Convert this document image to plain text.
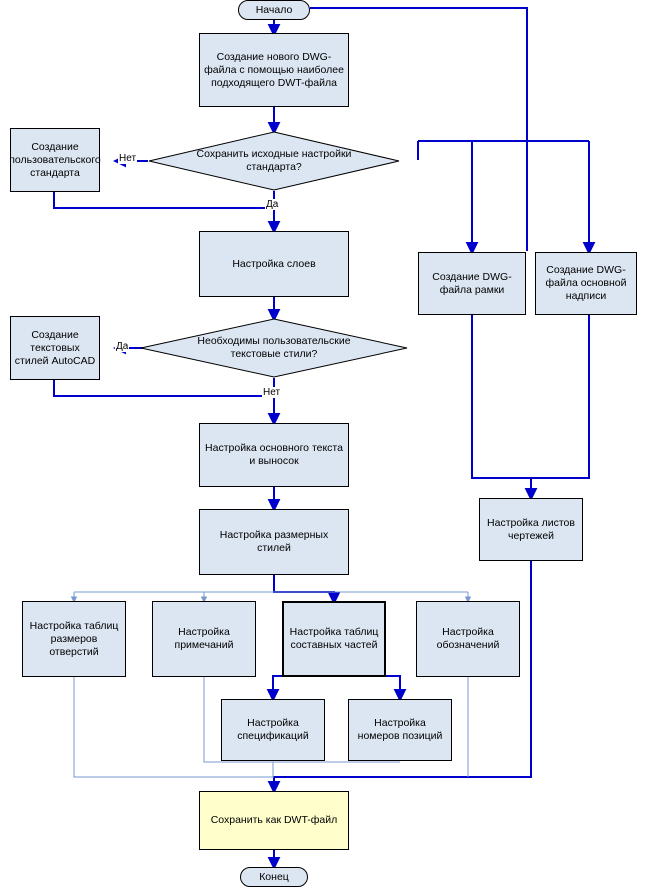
Начало
Создание нового DWG-файла с помощью наиболее подходящего DWT-файла
Сохранить исходные настройки стандарта?
Создание пользовательского стандарта
Настройка слоев
Необходимы пользовательские текстовые стили?
Создание текстовых стилей AutoCAD
Настройка основного текста и выносок
Настройка размерных стилей
Настройка таблиц размеров отверстий
Настройка примечаний
Настройка таблиц составных частей
Настройка обозначений
Настройка спецификаций
Настройка номеров позиций
Создание DWG-файла рамки
Создание DWG-файла основной надписи
Настройка листов чертежей
Сохранить как DWT-файл
Конец
Нет
Да
Да
Нет
